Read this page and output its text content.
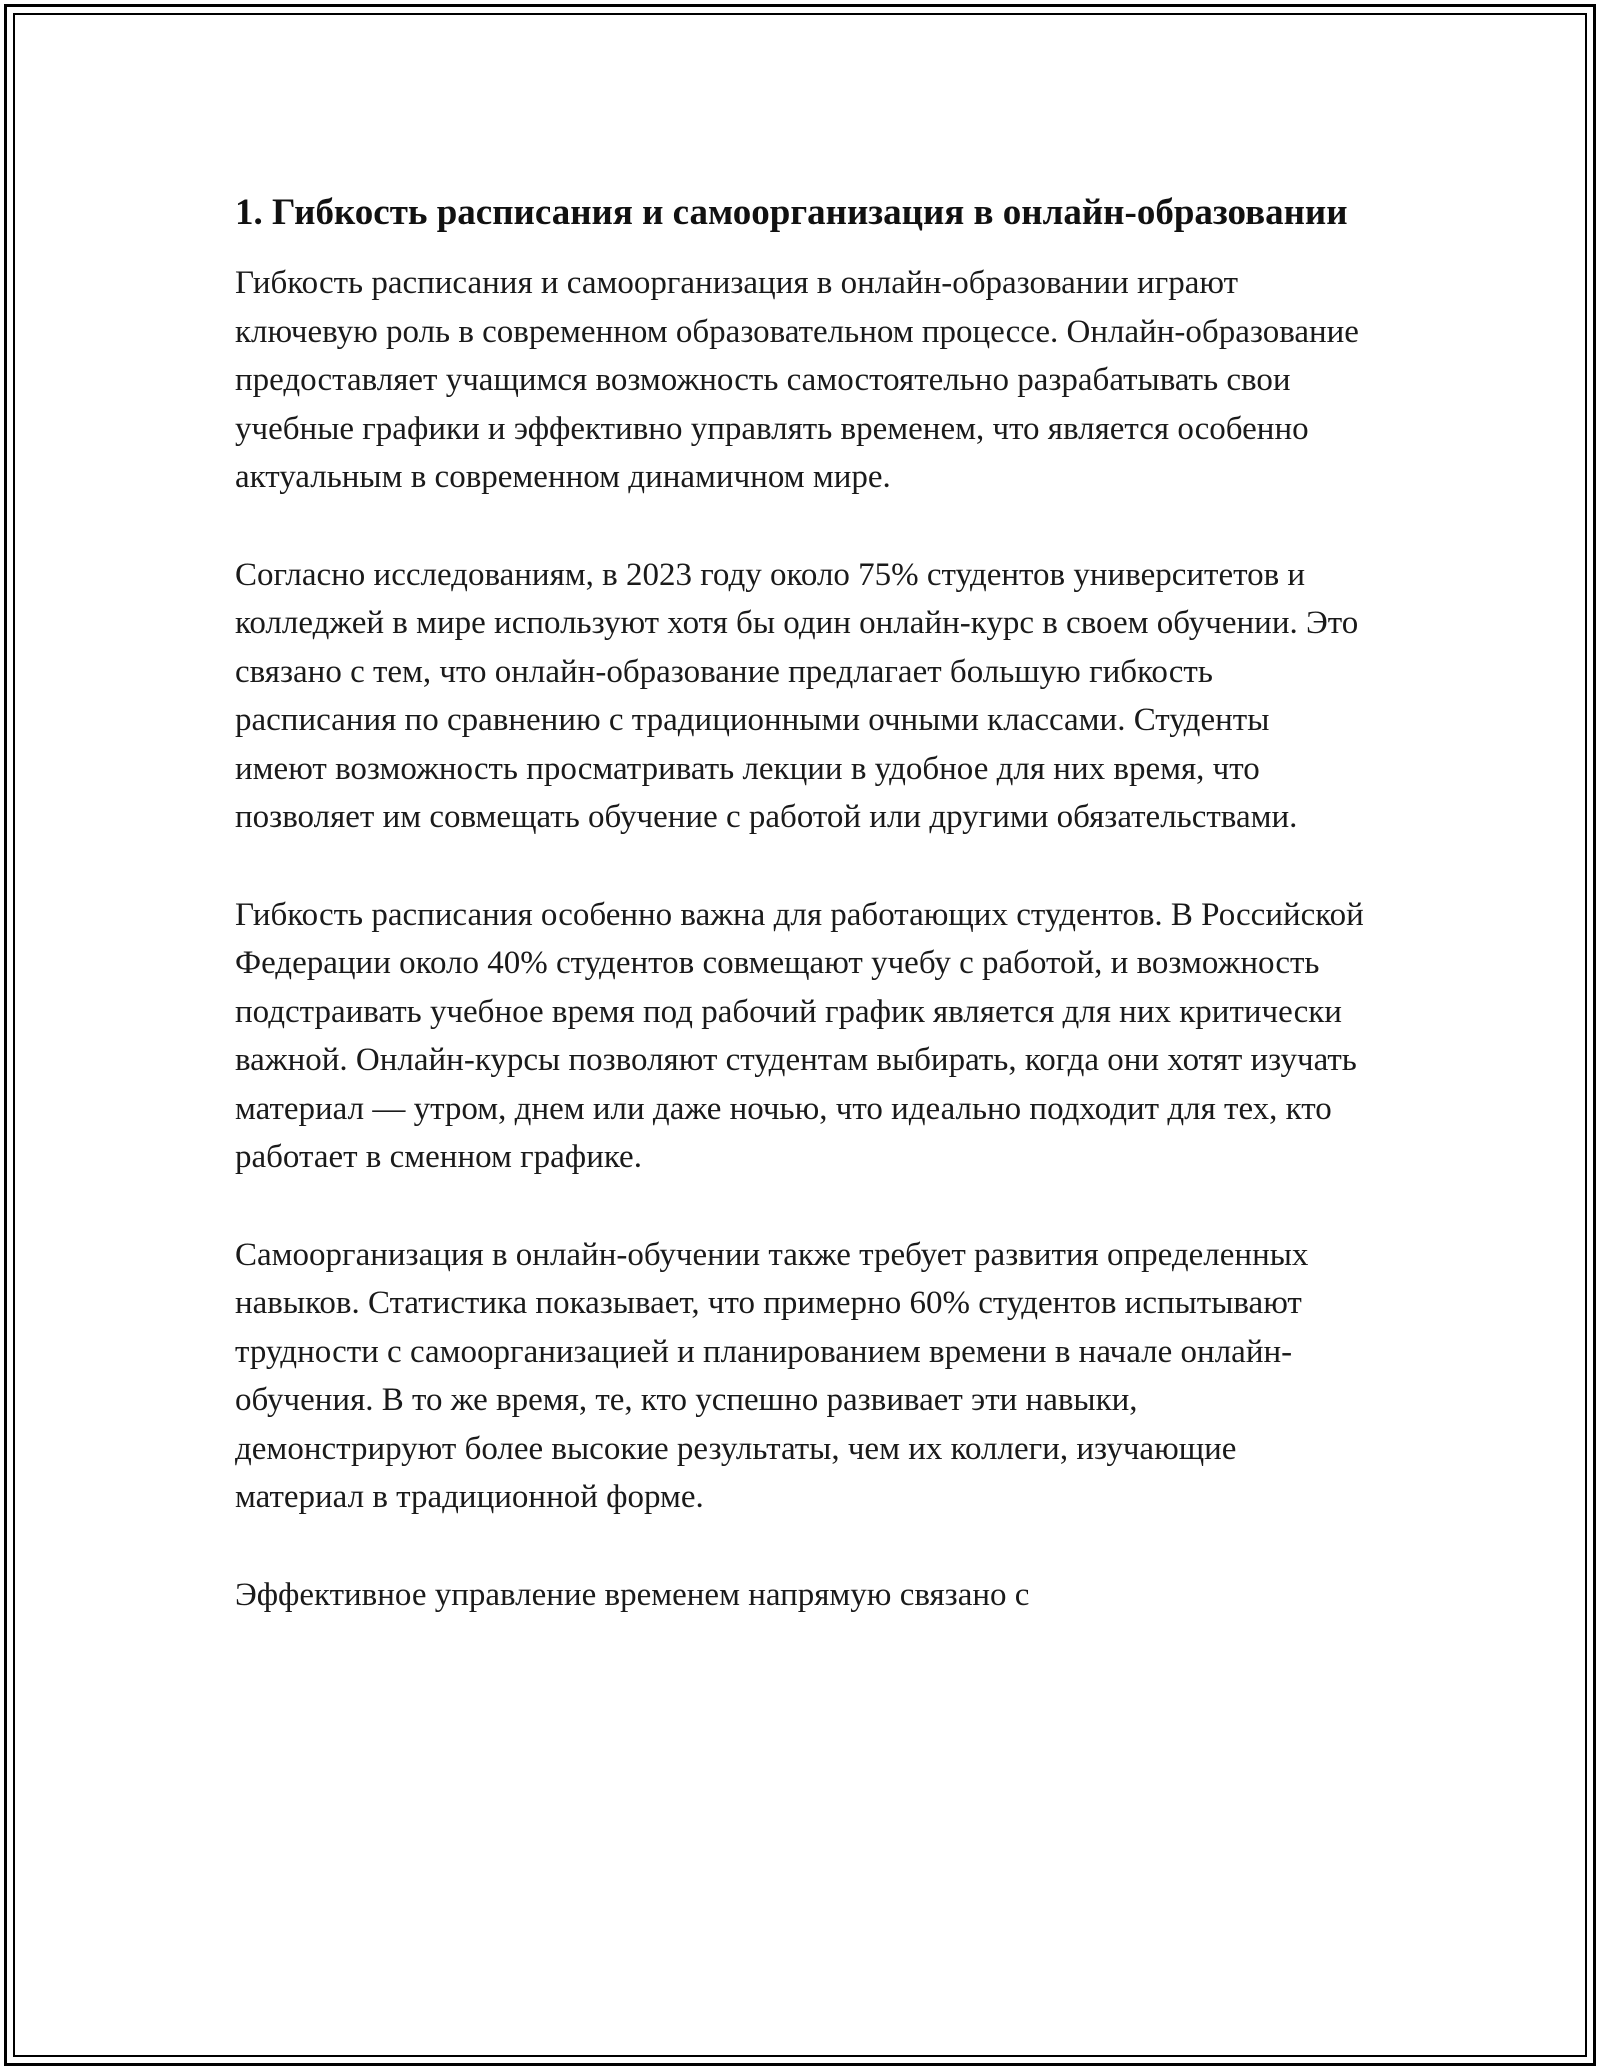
1. Гибкость расписания и самоорганизация в онлайн-образовании

Гибкость расписания и самоорганизация в онлайн-образовании играют ключевую роль в современном образовательном процессе. Онлайн-образование предоставляет учащимся возможность самостоятельно разрабатывать свои учебные графики и эффективно управлять временем, что является особенно актуальным в современном динамичном мире.

Согласно исследованиям, в 2023 году около 75% студентов университетов и колледжей в мире используют хотя бы один онлайн-курс в своем обучении. Это связано с тем, что онлайн-образование предлагает большую гибкость расписания по сравнению с традиционными очными классами. Студенты имеют возможность просматривать лекции в удобное для них время, что позволяет им совмещать обучение с работой или другими обязательствами.

Гибкость расписания особенно важна для работающих студентов. В Российской Федерации около 40% студентов совмещают учебу с работой, и возможность подстраивать учебное время под рабочий график является для них критически важной. Онлайн-курсы позволяют студентам выбирать, когда они хотят изучать материал — утром, днем или даже ночью, что идеально подходит для тех, кто работает в сменном графике.

Самоорганизация в онлайн-обучении также требует развития определенных навыков. Статистика показывает, что примерно 60% студентов испытывают трудности с самоорганизацией и планированием времени в начале онлайн-обучения. В то же время, те, кто успешно развивает эти навыки, демонстрируют более высокие результаты, чем их коллеги, изучающие материал в традиционной форме.

Эффективное управление временем напрямую связано с
